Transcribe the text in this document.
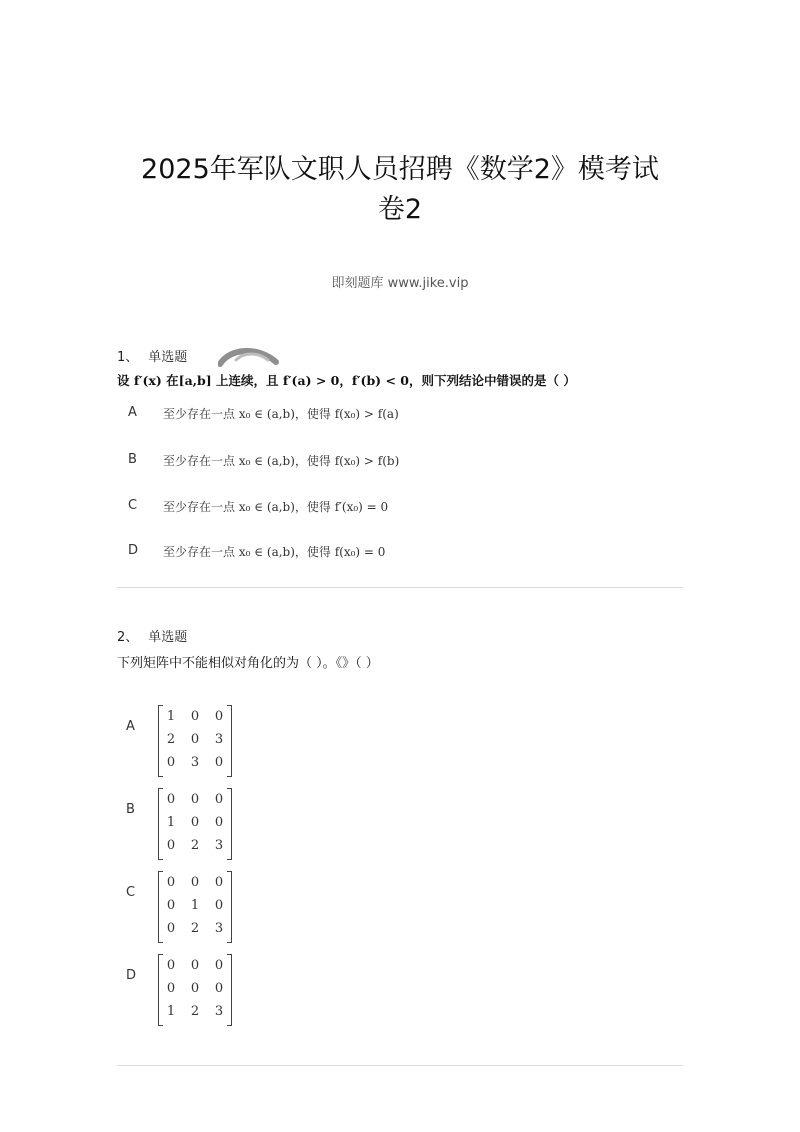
2025年军队文职人员招聘《数学2》模考试
卷2
即刻题库 www.jike.vip
1、 单选题
设 f′(x) 在[a,b] 上连续，且 f′(a) > 0，f′(b) < 0，则下列结论中错误的是（ ）
A 至少存在一点 x₀ ∈ (a,b)，使得 f(x₀) > f(a)
B 至少存在一点 x₀ ∈ (a,b)，使得 f(x₀) > f(b)
C 至少存在一点 x₀ ∈ (a,b)，使得 f′(x₀) = 0
D 至少存在一点 x₀ ∈ (a,b)，使得 f(x₀) = 0
2、 单选题
下列矩阵中不能相似对角化的为（ ）。《》（ ）
A
1 0 0
2 0 3
0 3 0
B
0 0 0
1 0 0
0 2 3
C
0 0 0
0 1 0
0 2 3
D
0 0 0
0 0 0
1 2 3
